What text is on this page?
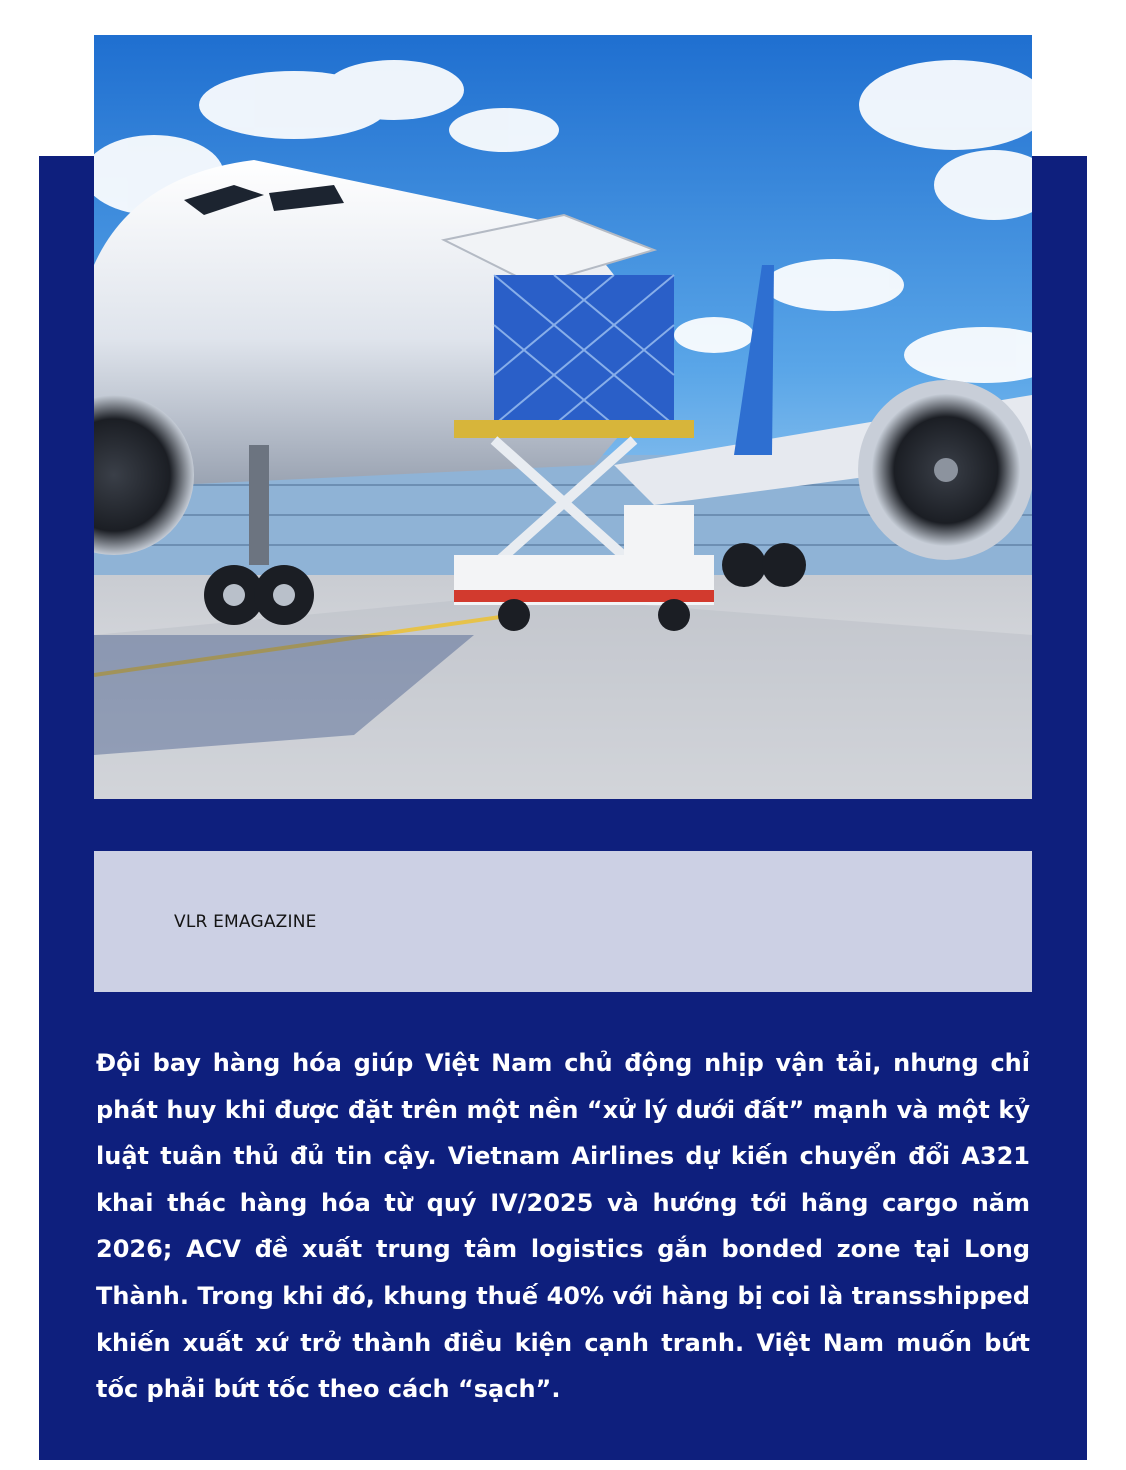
VLR EMAGAZINE

Đội bay hàng hóa giúp Việt Nam chủ động nhịp vận tải, nhưng chỉ phát huy khi được đặt trên một nền “xử lý dưới đất” mạnh và một kỷ luật tuân thủ đủ tin cậy. Vietnam Airlines dự kiến chuyển đổi A321 khai thác hàng hóa từ quý IV/2025 và hướng tới hãng cargo năm 2026; ACV đề xuất trung tâm logistics gắn bonded zone tại Long Thành. Trong khi đó, khung thuế 40% với hàng bị coi là transshipped khiến xuất xứ trở thành điều kiện cạnh tranh. Việt Nam muốn bứt tốc phải bứt tốc theo cách “sạch”.
